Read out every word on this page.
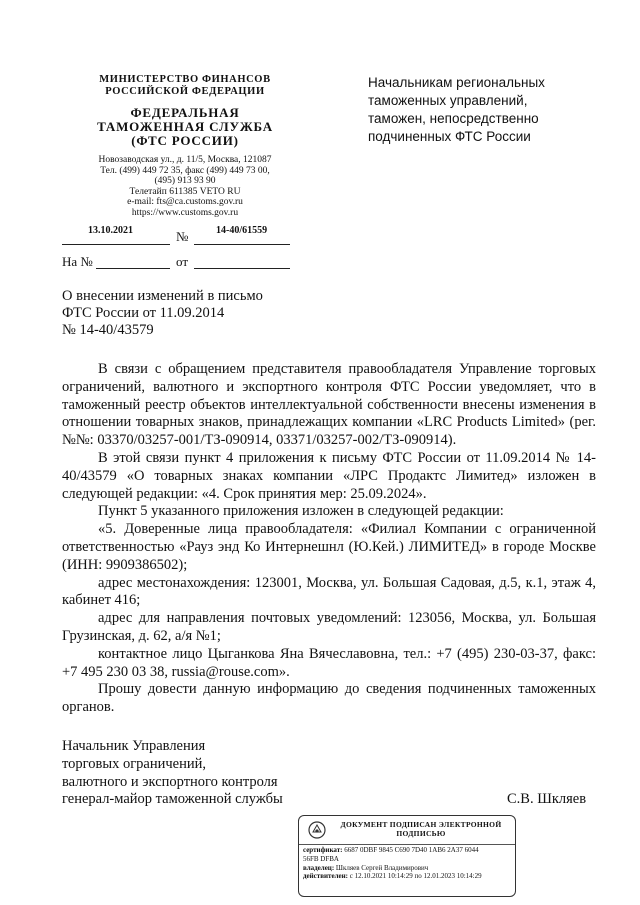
МИНИСТЕРСТВО ФИНАНСОВ
РОССИЙСКОЙ ФЕДЕРАЦИИ
ФЕДЕРАЛЬНАЯ
ТАМОЖЕННАЯ СЛУЖБА
(ФТС РОССИИ)
Новозаводская ул., д. 11/5, Москва, 121087
Тел. (499) 449 72 35, факс (499) 449 73 00,
(495) 913 93 90
Телетайп 611385 VETO RU
e-mail: fts@ca.customs.gov.ru
https://www.customs.gov.ru
13.10.2021	№	14-40/61559
На №	от
Начальникам региональных
таможенных управлений,
таможен, непосредственно
подчиненных ФТС России
О внесении изменений в письмо
ФТС России от 11.09.2014
№ 14-40/43579

В связи с обращением представителя правообладателя Управление торговых ограничений, валютного и экспортного контроля ФТС России уведомляет, что в таможенный реестр объектов интеллектуальной собственности внесены изменения в отношении товарных знаков, принадлежащих компании «LRC Products Limited» (рег. №№: 03370/03257-001/ТЗ-090914, 03371/03257-002/ТЗ-090914).

В этой связи пункт 4 приложения к письму ФТС России от 11.09.2014 № 14-40/43579 «О товарных знаках компании «ЛРС Продактс Лимитед» изложен в следующей редакции: «4. Срок принятия мер: 25.09.2024».

Пункт 5 указанного приложения изложен в следующей редакции:

«5. Доверенные лица правообладателя: «Филиал Компании с ограниченной ответственностью «Рауз энд Ко Интернешнл (Ю.Кей.) ЛИМИТЕД» в городе Москве (ИНН: 9909386502);

адрес местонахождения: 123001, Москва, ул. Большая Садовая, д.5, к.1, этаж 4, кабинет 416;

адрес для направления почтовых уведомлений: 123056, Москва, ул. Большая Грузинская, д. 62, а/я №1;

контактное лицо Цыганкова Яна Вячеславовна, тел.: +7 (495) 230-03-37, факс: +7 495 230 03 38, russia@rouse.com».

Прошу довести данную информацию до сведения подчиненных таможенных органов.

Начальник Управления
торговых ограничений,
валютного и экспортного контроля
генерал-майор таможенной службы	С.В. Шкляев
ДОКУМЕНТ ПОДПИСАН ЭЛЕКТРОННОЙ
ПОДПИСЬЮ
сертификат: 6687 0DBF 9845 C690 7D40 1AB6 2A37 6044
56FB DFBA
владелец: Шкляев Сергей Владимирович
действителен: с 12.10.2021 10:14:29 по 12.01.2023 10:14:29
